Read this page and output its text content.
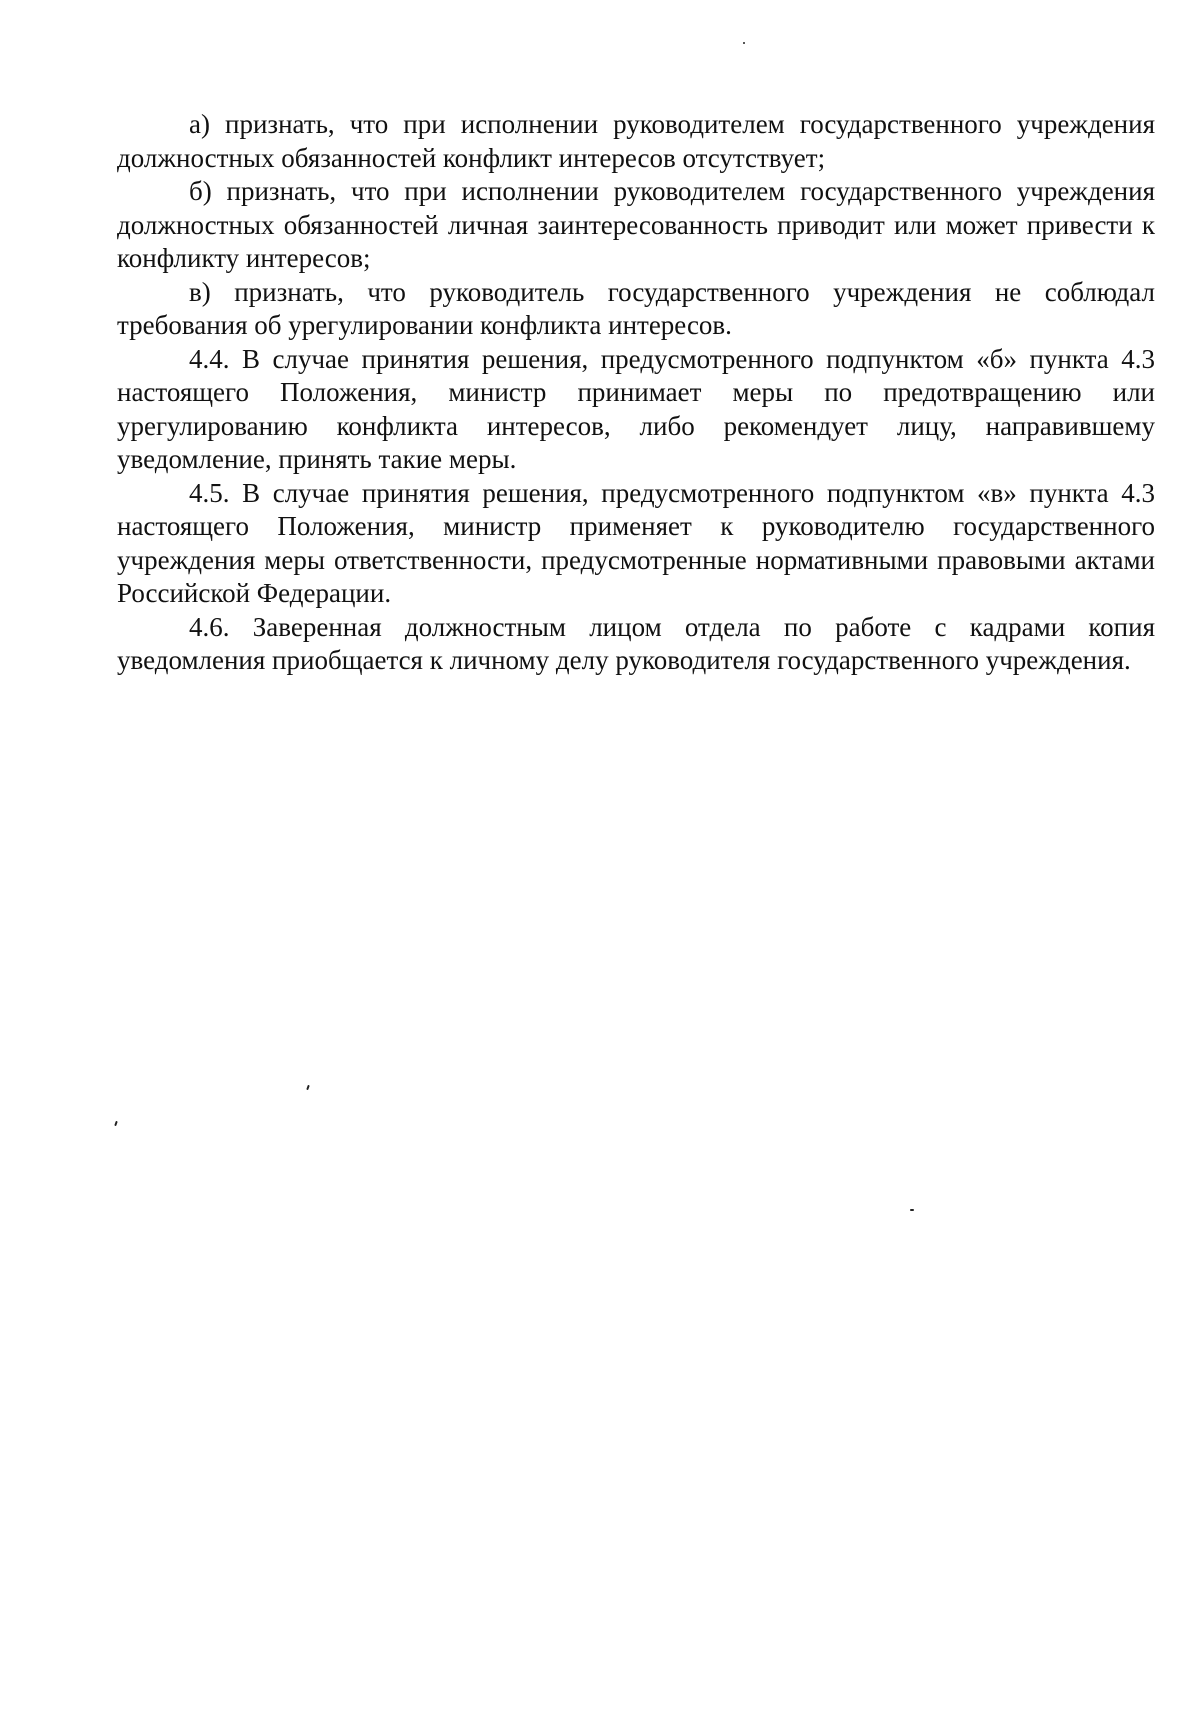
а) признать, что при исполнении руководителем государственного учреждения должностных обязанностей конфликт интересов отсутствует;

б) признать, что при исполнении руководителем государственного учреждения должностных обязанностей личная заинтересованность приводит или может привести к конфликту интересов;

в) признать, что руководитель государственного учреждения не соблюдал требования об урегулировании конфликта интересов.

4.4. В случае принятия решения, предусмотренного подпунктом «б» пункта 4.3 настоящего Положения, министр принимает меры по предотвращению или урегулированию конфликта интересов, либо рекомендует лицу, направившему уведомление, принять такие меры.

4.5. В случае принятия решения, предусмотренного подпунктом «в» пункта 4.3 настоящего Положения, министр применяет к руководителю государственного учреждения меры ответственности, предусмотренные нормативными правовыми актами Российской Федерации.

4.6. Заверенная должностным лицом отдела по работе с кадрами копия уведомления приобщается к личному делу руководителя государственного учреждения.
